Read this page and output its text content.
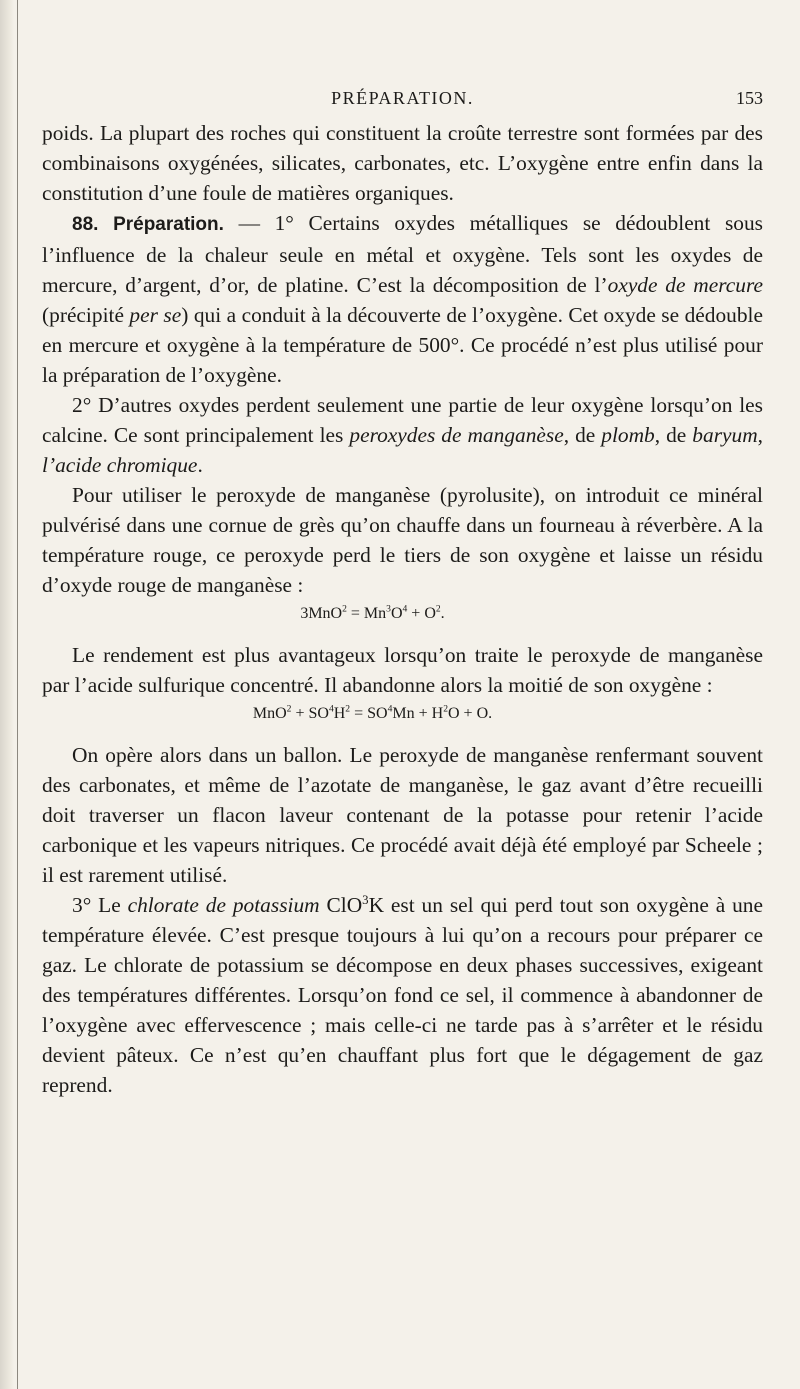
PRÉPARATION.	153

poids. La plupart des roches qui constituent la croûte terrestre sont formées par des combinaisons oxygénées, silicates, carbonates, etc. L’oxygène entre enfin dans la constitution d’une foule de matières organiques.

88. Préparation. — 1° Certains oxydes métalliques se dédoublent sous l’influence de la chaleur seule en métal et oxygène. Tels sont les oxydes de mercure, d’argent, d’or, de platine. C’est la décomposition de l’oxyde de mercure (précipité per se) qui a conduit à la découverte de l’oxygène. Cet oxyde se dédouble en mercure et oxygène à la température de 500°. Ce procédé n’est plus utilisé pour la préparation de l’oxygène.

2° D’autres oxydes perdent seulement une partie de leur oxygène lorsqu’on les calcine. Ce sont principalement les peroxydes de manganèse, de plomb, de baryum, l’acide chromique.

Pour utiliser le peroxyde de manganèse (pyrolusite), on introduit ce minéral pulvérisé dans une cornue de grès qu’on chauffe dans un fourneau à réverbère. A la température rouge, ce peroxyde perd le tiers de son oxygène et laisse un résidu d’oxyde rouge de manganèse :

$3MnO^2 = Mn^3O^4 + O^2$.

Le rendement est plus avantageux lorsqu’on traite le peroxyde de manganèse par l’acide sulfurique concentré. Il abandonne alors la moitié de son oxygène :

$MnO^2 + SO^4H^2 = SO^4Mn + H^2O + O$.

On opère alors dans un ballon. Le peroxyde de manganèse renfermant souvent des carbonates, et même de l’azotate de manganèse, le gaz avant d’être recueilli doit traverser un flacon laveur contenant de la potasse pour retenir l’acide carbonique et les vapeurs nitriques. Ce procédé avait déjà été employé par Scheele ; il est rarement utilisé.

3° Le chlorate de potassium ClO$^3$K est un sel qui perd tout son oxygène à une température élevée. C’est presque toujours à lui qu’on a recours pour préparer ce gaz. Le chlorate de potassium se décompose en deux phases successives, exigeant des températures différentes. Lorsqu’on fond ce sel, il commence à abandonner de l’oxygène avec effervescence ; mais celle-ci ne tarde pas à s’arrêter et le résidu devient pâteux. Ce n’est qu’en chauffant plus fort que le dégagement de gaz reprend.
